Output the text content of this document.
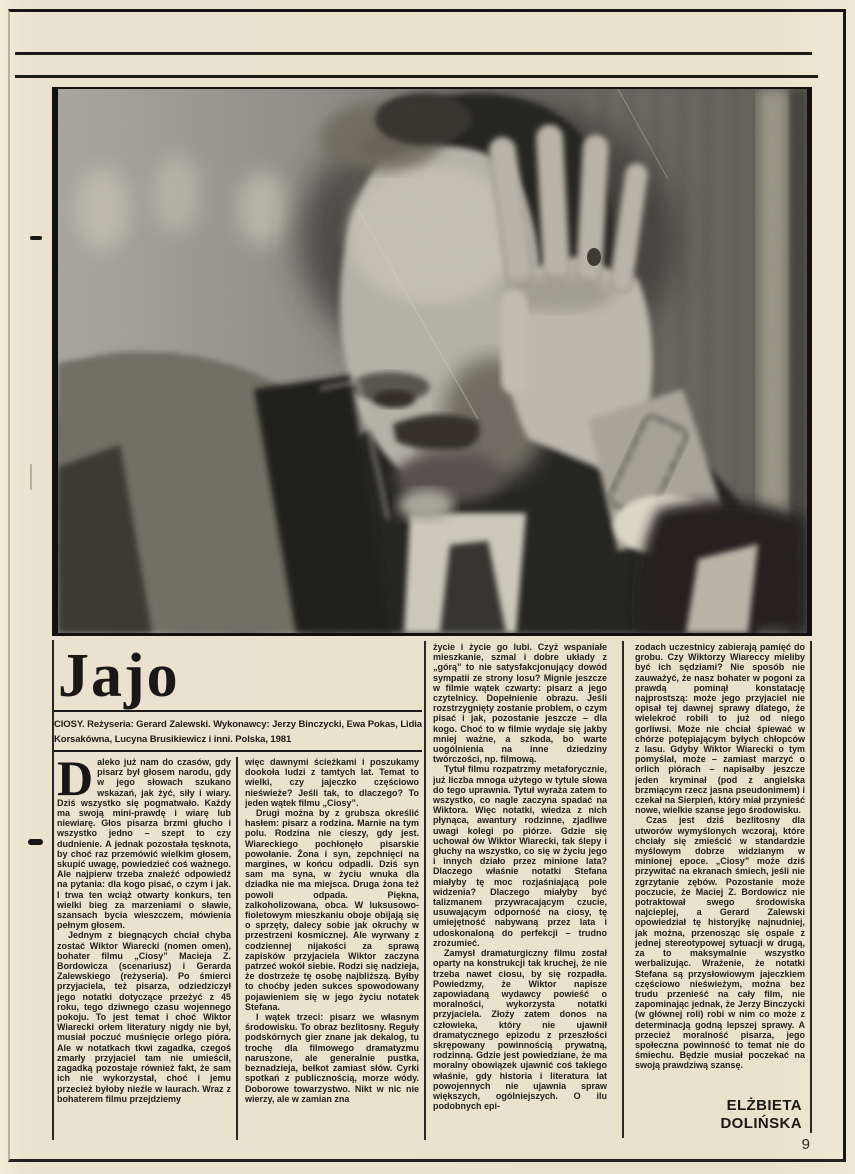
Jajo

CIOSY. Reżyseria: Gerard Zalewski. Wykonawcy: Jerzy Binczycki, Ewa Pokas, Lidia Korsakówna, Lucyna Brusikiewicz i inni. Polska, 1981

Daleko już nam do czasów, gdy pisarz był głosem narodu, gdy w jego słowach szukano wskazań, jak żyć, siły i wiary. Dziś wszystko się pogmatwało. Każdy ma swoją mini-prawdę i wiarę lub niewiarę. Głos pisarza brzmi głucho i wszystko jedno – szept to czy dudnienie. A jednak pozostała tęsknota, by choć raz przemówić wielkim głosem, skupić uwagę, powiedzieć coś ważnego. Ale najpierw trzeba znaleźć odpowiedź na pytania: dla kogo pisać, o czym i jak. I trwa ten wciąż otwarty konkurs, ten wielki bieg za marzeniami o sławie, szansach bycia wieszczem, mówienia pełnym głosem.

Jednym z biegnących chciał chyba zostać Wiktor Wiarecki (nomen omen), bohater filmu „Ciosy” Macieja Z. Bordowicza (scenariusz) i Gerarda Zalewskiego (reżyseria). Po śmierci przyjaciela, też pisarza, odziedziczył jego notatki dotyczące przeżyć z 45 roku, tego dziwnego czasu wojennego pokoju. To jest temat i choć Wiktor Wiarecki orłem literatury nigdy nie był, musiał poczuć muśnięcie orlego pióra. Ale w notatkach tkwi zagadka, czegoś zmarły przyjaciel tam nie umieścił, zagadką pozostaje również fakt, że sam ich nie wykorzystał, choć i jemu przecież byłoby nieźle w laurach. Wraz z bohaterem filmu przejdziemy

więc dawnymi ścieżkami i poszukamy dookoła ludzi z tamtych lat. Temat to wielki, czy jajeczko częściowo nieświeże? Jeśli tak, to dlaczego? To jeden wątek filmu „Ciosy”.

Drugi można by z grubsza określić hasłem: pisarz a rodzina. Marnie na tym polu. Rodzina nie cieszy, gdy jest. Wiareckiego pochłonęło pisarskie powołanie. Żona i syn, zepchnięci na margines, w końcu odpadli. Dziś syn sam ma syna, w życiu wnuka dla dziadka nie ma miejsca. Druga żona też powoli odpada. Piękna, zalkoholizowana, obca. W luksusowo-fioletowym mieszkaniu oboje obijają się o sprzęty, dalecy sobie jak okruchy w przestrzeni kosmicznej. Ale wyrwany z codziennej nijakości za sprawą zapisków przyjaciela Wiktor zaczyna patrzeć wokół siebie. Rodzi się nadzieja, że dostrzeże tę osobę najbliższą. Byłby to choćby jeden sukces spowodowany pojawieniem się w jego życiu notatek Stefana.

I wątek trzeci: pisarz we własnym środowisku. To obraz bezlitosny. Reguły podskórnych gier znane jak dekalog, tu trochę dla filmowego dramatyzmu naruszone, ale generalnie pustka, beznadzieja, bełkot zamiast słów. Cyrki spotkań z publicznością, morze wódy. Doborowe towarzystwo. Nikt w nic nie wierzy, ale w zamian zna

życie i życie go lubi. Czyż wspaniałe mieszkanie, szmal i dobre układy z „górą” to nie satysfakcjonujący dowód sympatii ze strony losu? Mignie jeszcze w filmie wątek czwarty: pisarz a jego czytelnicy. Dopełnienie obrazu. Jeśli rozstrzygnięty zostanie problem, o czym pisać i jak, pozostanie jeszcze – dla kogo. Choć to w filmie wydaje się jakby mniej ważne, a szkoda, bo warte uogólnienia na inne dziedziny twórczości, np. filmową.

Tytuł filmu rozpatrzmy metaforycznie, już liczba mnoga użytego w tytule słowa do tego uprawnia. Tytuł wyraża zatem to wszystko, co nagle zaczyna spadać na Wiktora. Więc notatki, wiedza z nich płynąca, awantury rodzinne, zjadliwe uwagi kolegi po piórze. Gdzie się uchował ów Wiktor Wiarecki, tak ślepy i głuchy na wszystko, co się w życiu jego i innych działo przez minione lata? Dlaczego właśnie notatki Stefana miałyby tę moc rozjaśniającą pole widzenia? Dlaczego miałyby być talizmanem przywracającym czucie, usuwającym odporność na ciosy, tę umiejętność nabywaną przez lata i udoskonaloną do perfekcji – trudno zrozumieć.

Zamysł dramaturgiczny filmu został oparty na konstrukcji tak kruchej, że nie trzeba nawet ciosu, by się rozpadła. Powiedzmy, że Wiktor napisze zapowiadaną wydawcy powieść o moralności, wykorzysta notatki przyjaciela. Złoży zatem donos na człowieka, który nie ujawnił dramatycznego epizodu z przeszłości skrępowany powinnością prywatną, rodzinną. Gdzie jest powiedziane, że ma moralny obowiązek ujawnić coś takiego właśnie, gdy historia i literatura lat powojennych nie ujawnia spraw większych, ogólniejszych. O ilu podobnych epi-

zodach uczestnicy zabierają pamięć do grobu. Czy Wiktorzy Wiareccy mieliby być ich sędziami? Nie sposób nie zauważyć, że nasz bohater w pogoni za prawdą pominął konstatację najprostszą: może jego przyjaciel nie opisał tej dawnej sprawy dlatego, że wielekroć robili to już od niego gorliwsi. Może nie chciał śpiewać w chórze potępiającym byłych chłopców z lasu. Gdyby Wiktor Wiarecki o tym pomyślał, może – zamiast marzyć o orlich piórach – napisałby jeszcze jeden kryminał (pod z angielska brzmiącym rzecz jasna pseudonimem) i czekał na Sierpień, który miał przynieść nowe, wielkie szanse jego środowisku.

Czas jest dziś bezlitosny dla utworów wymyślonych wczoraj, które chciały się zmieścić w standardzie myślowym dobrze widzianym w minionej epoce. „Ciosy” może dziś przywitać na ekranach śmiech, jeśli nie zgrzytanie zębów. Pozostanie może poczucie, że Maciej Z. Bordowicz nie potraktował swego środowiska najcieplej, a Gerard Zalewski opowiedział tę historyjkę najnudniej, jak można, przenosząc się ospale z jednej stereotypowej sytuacji w drugą, za to maksymalnie wszystko werbalizując. Wrażenie, że notatki Stefana są przysłowiowym jajeczkiem częściowo nieświeżym, można bez trudu przenieść na cały film, nie zapominając jednak, że Jerzy Binczycki (w głównej roli) robi w nim co może z determinacją godną lepszej sprawy. A przecież moralność pisarza, jego społeczna powinność to temat nie do śmiechu. Będzie musiał poczekać na swoją prawdziwą szansę.

ELŻBIETA
DOLIŃSKA
9
